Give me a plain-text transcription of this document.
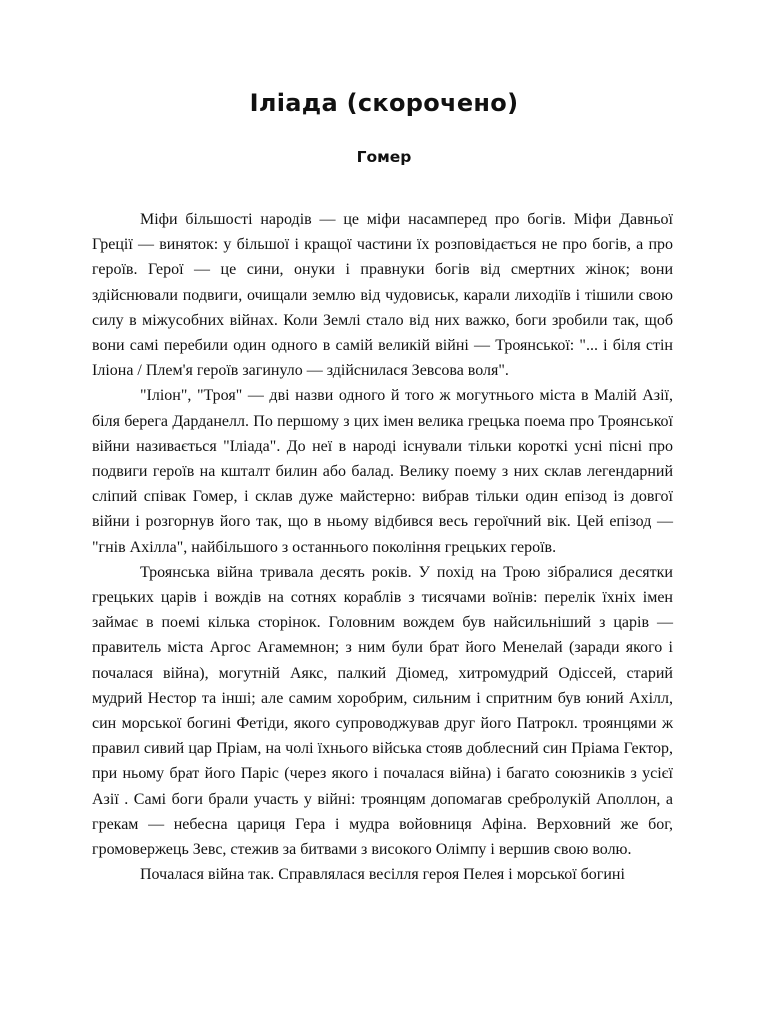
Іліада (скорочено)
Гомер

Міфи більшості народів — це міфи насамперед про богів. Міфи Давньої Греції — виняток: у більшої і кращої частини їх розповідається не про богів, а про героїв. Герої — це сини, онуки і правнуки богів від смертних жінок; вони здійснювали подвиги, очищали землю від чудовиськ, карали лиходіїв і тішили свою силу в міжусобних війнах. Коли Землі стало від них важко, боги зробили так, щоб вони самі перебили один одного в самій великій війні — Троянської: "... і біля стін Іліона / Плем'я героїв загинуло — здійснилася Зевсова воля".

"Іліон", "Троя" — дві назви одного й того ж могутнього міста в Малій Азії, біля берега Дарданелл. По першому з цих імен велика грецька поема про Троянської війни називається "Іліада". До неї в народі існували тільки короткі усні пісні про подвиги героїв на кшталт билин або балад. Велику поему з них склав легендарний сліпий співак Гомер, і склав дуже майстерно: вибрав тільки один епізод із довгої війни і розгорнув його так, що в ньому відбився весь героїчний вік. Цей епізод — "гнів Ахілла", найбільшого з останнього покоління грецьких героїв.

Троянська війна тривала десять років. У похід на Трою зібралися десятки грецьких царів і вождів на сотнях кораблів з тисячами воїнів: перелік їхніх імен займає в поемі кілька сторінок. Головним вождем був найсильніший з царів — правитель міста Аргос Агамемнон; з ним були брат його Менелай (заради якого і почалася війна), могутній Аякс, палкий Діомед, хитромудрий Одіссей, старий мудрий Нестор та інші; але самим хоробрим, сильним і спритним був юний Ахілл, син морської богині Фетіди, якого супроводжував друг його Патрокл. троянцями ж правил сивий цар Пріам, на чолі їхнього війська стояв доблесний син Пріама Гектор, при ньому брат його Паріс (через якого і почалася війна) і багато союзників з усієї Азії . Самі боги брали участь у війні: троянцям допомагав сребролукій Аполлон, а грекам — небесна цариця Гера і мудра войовниця Афіна. Верховний же бог, громовержець Зевс, стежив за битвами з високого Олімпу і вершив свою волю.

Почалася війна так. Справлялася весілля героя Пелея і морської богині
